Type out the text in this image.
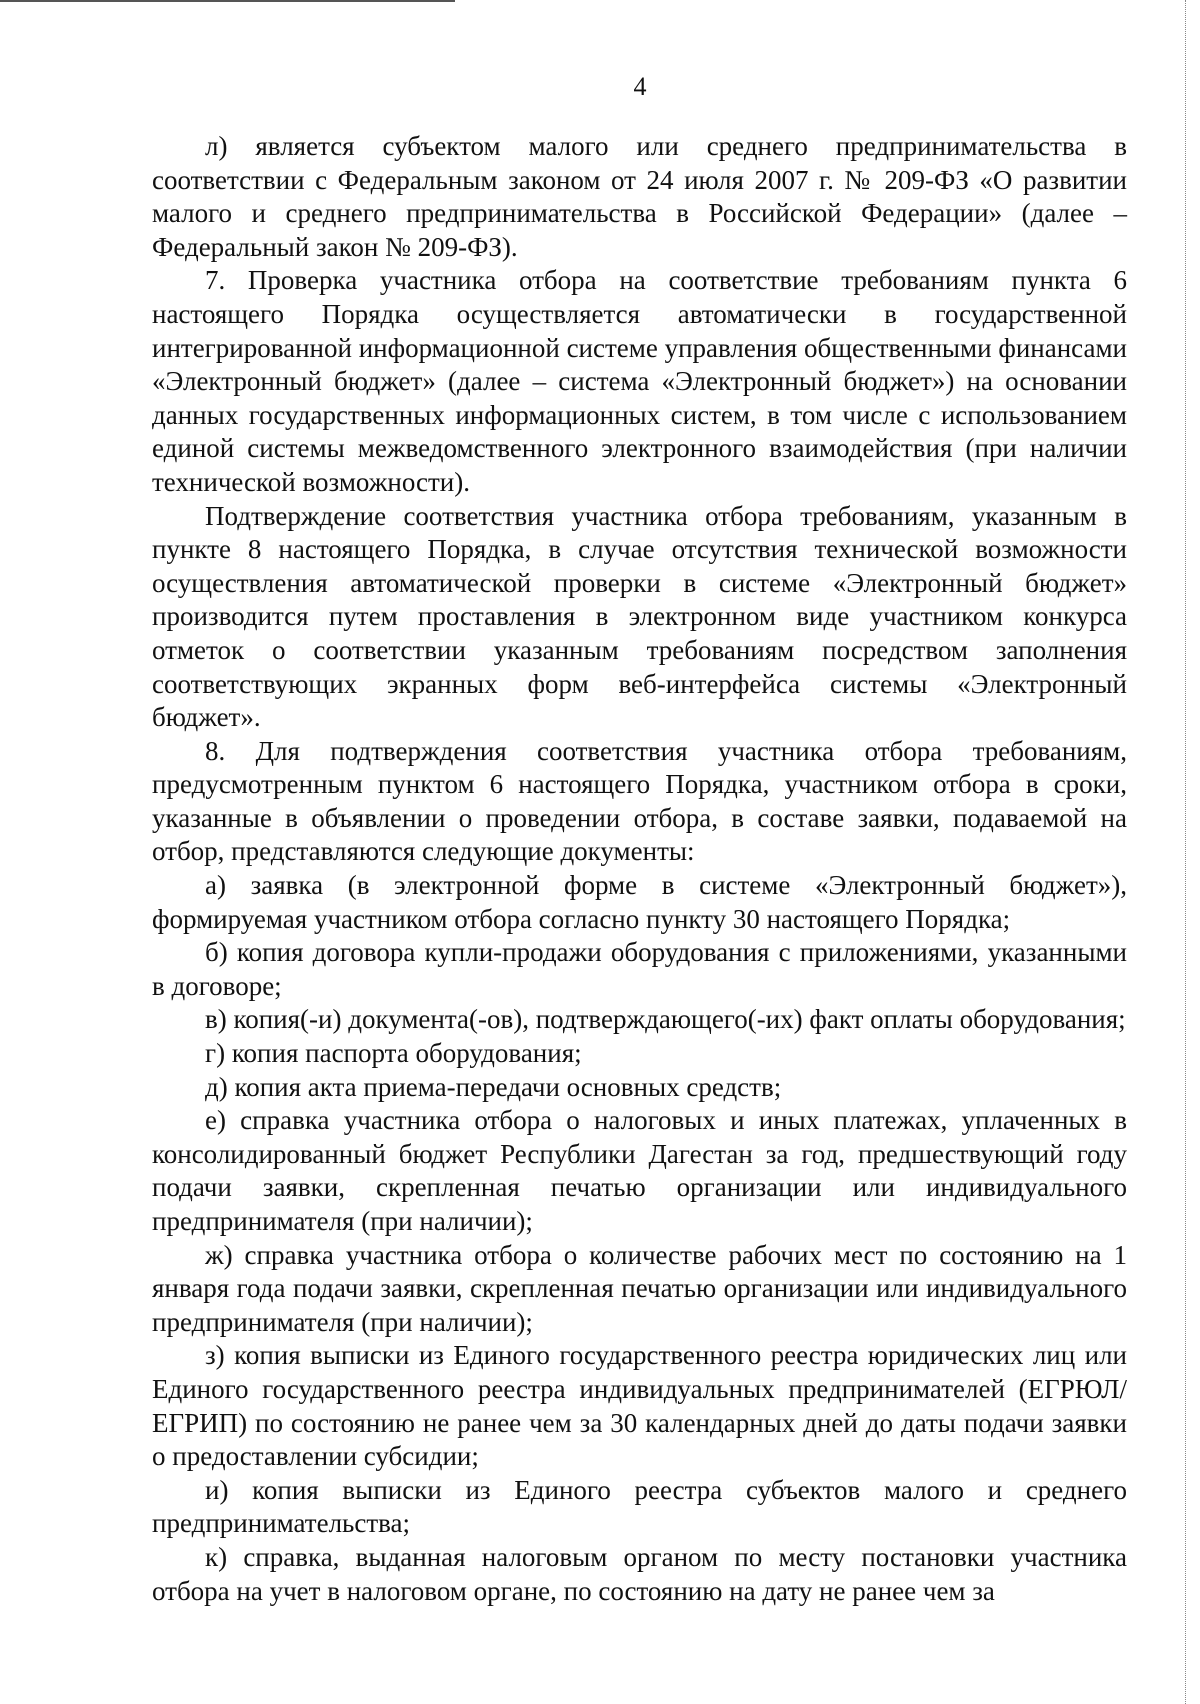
4

л) является субъектом малого или среднего предпринимательства в соответствии с Федеральным законом от 24 июля 2007 г. № 209-ФЗ «О развитии малого и среднего предпринимательства в Российской Федерации» (далее – Федеральный закон № 209-ФЗ).

7. Проверка участника отбора на соответствие требованиям пункта 6 настоящего Порядка осуществляется автоматически в государственной интегрированной информационной системе управления общественными финансами «Электронный бюджет» (далее – система «Электронный бюджет») на основании данных государственных информационных систем, в том числе с использованием единой системы межведомственного электронного взаимодействия (при наличии технической возможности).

Подтверждение соответствия участника отбора требованиям, указанным в пункте 8 настоящего Порядка, в случае отсутствия технической возможности осуществления автоматической проверки в системе «Электронный бюджет» производится путем проставления в электронном виде участником конкурса отметок о соответствии указанным требованиям посредством заполнения соответствующих экранных форм веб-интерфейса системы «Электронный бюджет».

8. Для подтверждения соответствия участника отбора требованиям, предусмотренным пунктом 6 настоящего Порядка, участником отбора в сроки, указанные в объявлении о проведении отбора, в составе заявки, подаваемой на отбор, представляются следующие документы:

а) заявка (в электронной форме в системе «Электронный бюджет»), формируемая участником отбора согласно пункту 30 настоящего Порядка;

б) копия договора купли-продажи оборудования с приложениями, указанными в договоре;

в) копия(-и) документа(-ов), подтверждающего(-их) факт оплаты оборудования;

г) копия паспорта оборудования;

д) копия акта приема-передачи основных средств;

е) справка участника отбора о налоговых и иных платежах, уплаченных в консолидированный бюджет Республики Дагестан за год, предшествующий году подачи заявки, скрепленная печатью организации или индивидуального предпринимателя (при наличии);

ж) справка участника отбора о количестве рабочих мест по состоянию на 1 января года подачи заявки, скрепленная печатью организации или индивидуального предпринимателя (при наличии);

з) копия выписки из Единого государственного реестра юридических лиц или Единого государственного реестра индивидуальных предпринимателей (ЕГРЮЛ/ЕГРИП) по состоянию не ранее чем за 30 календарных дней до даты подачи заявки о предоставлении субсидии;

и) копия выписки из Единого реестра субъектов малого и среднего предпринимательства;

к) справка, выданная налоговым органом по месту постановки участника отбора на учет в налоговом органе, по состоянию на дату не ранее чем за
